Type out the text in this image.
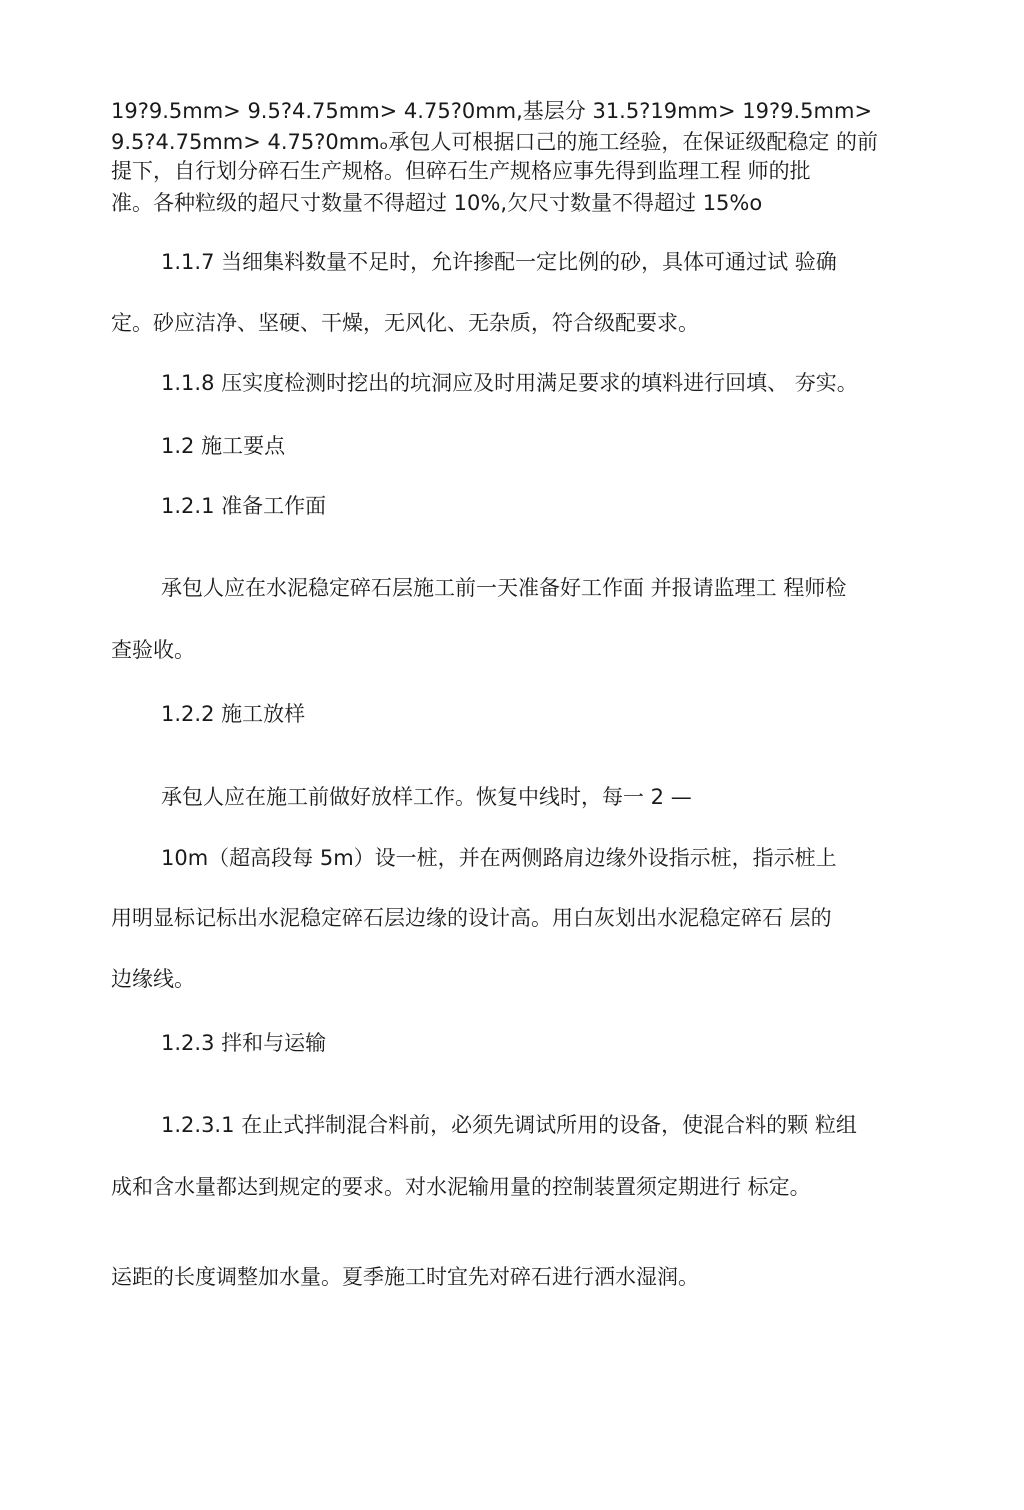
19?9.5mm> 9.5?4.75mm> 4.75?0mm,基层分 31.5?19mm> 19?9.5mm>
9.5?4.75mm> 4.75?0mmₒ承包人可根据口己的施工经验，在保证级配稳定 的前
提下，自行划分碎石生产规格。但碎石生产规格应事先得到监理工程 师的批
准。各种粒级的超尺寸数量不得超过 10%,欠尺寸数量不得超过 15%o
1.1.7 当细集料数量不足时，允许掺配一定比例的砂，具体可通过试 验确
定。砂应洁净、坚硬、干燥，无风化、无杂质，符合级配要求。
1.1.8 压实度检测时挖出的坑洞应及时用满足要求的填料进行回填、 夯实。
1.2 施工要点
1.2.1 准备工作面
承包人应在水泥稳定碎石层施工前一天准备好工作面 并报请监理工 程师检
查验收。
1.2.2 施工放样
承包人应在施工前做好放样工作。恢复中线时，每一 2 —
10m（超高段每 5m）设一桩，并在两侧路肩边缘外设指示桩，指示桩上
用明显标记标出水泥稳定碎石层边缘的设计高。用白灰划出水泥稳定碎石 层的
边缘线。
1.2.3 拌和与运输
1.2.3.1 在止式拌制混合料前，必须先调试所用的设备，使混合料的颗 粒组
成和含水量都达到规定的要求。对水泥输用量的控制装置须定期进行 标定。
运距的长度调整加水量。夏季施工时宜先对碎石进行洒水湿润。
